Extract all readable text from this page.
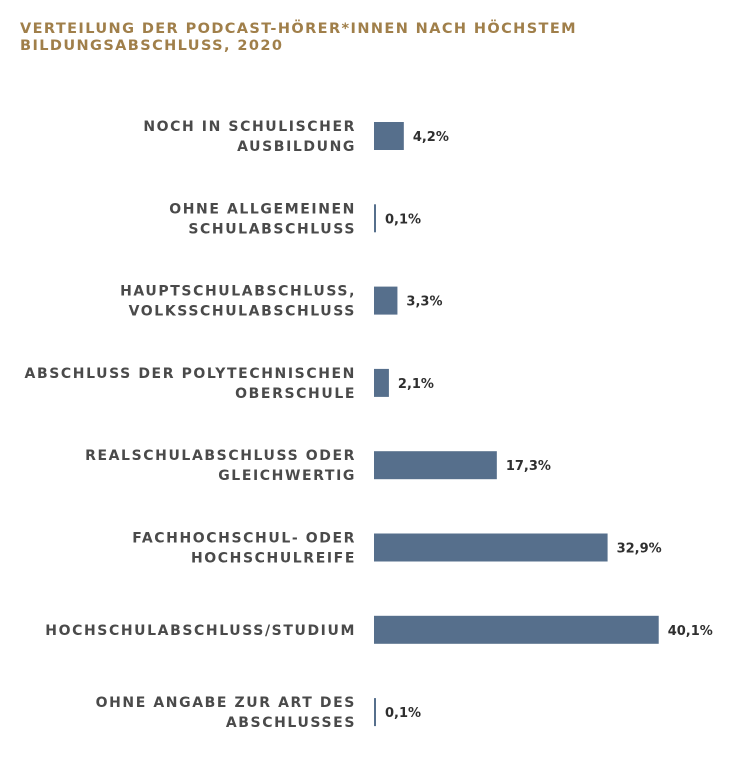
VERTEILUNG DER PODCAST-HÖRER*INNEN NACH HÖCHSTEM BILDUNGSABSCHLUSS, 2020
NOCH IN SCHULISCHER AUSBILDUNG
4,2%
OHNE ALLGEMEINEN SCHULABSCHLUSS
0,1%
HAUPTSCHULABSCHLUSS, VOLKSSCHULABSCHLUSS
3,3%
ABSCHLUSS DER POLYTECHNISCHEN OBERSCHULE
2,1%
REALSCHULABSCHLUSS ODER GLEICHWERTIG
17,3%
FACHHOCHSCHUL- ODER HOCHSCHULREIFE
32,9%
HOCHSCHULABSCHLUSS/STUDIUM	40,1%
OHNE ANGABE ZUR ART DES ABSCHLUSSES
0,1%
